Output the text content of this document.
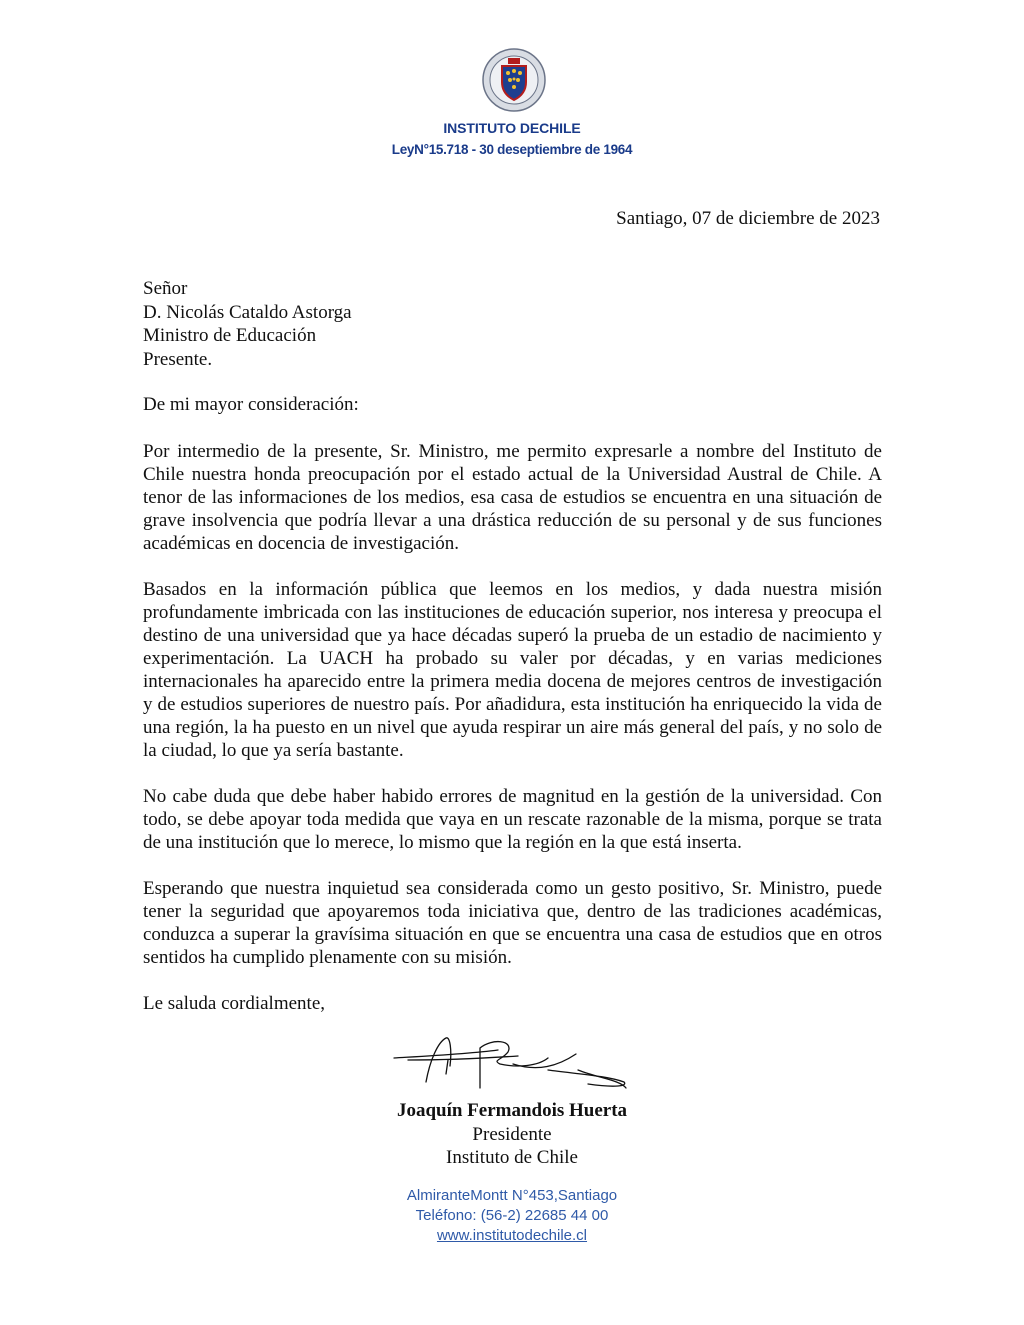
INSTITUTO DECHILE
LeyN°15.718 - 30 deseptiembre de 1964
Santiago, 07 de diciembre de 2023
Señor
D. Nicolás Cataldo Astorga
Ministro de Educación
Presente.
De mi mayor consideración:

Por intermedio de la presente, Sr. Ministro, me permito expresarle a nombre del Instituto de Chile nuestra honda preocupación por el estado actual de la Universidad Austral de Chile. A tenor de las informaciones de los medios, esa casa de estudios se encuentra en una situación de grave insolvencia que podría llevar a una drástica reducción de su personal y de sus funciones académicas en docencia de investigación.

Basados en la información pública que leemos en los medios, y dada nuestra misión profundamente imbricada con las instituciones de educación superior, nos interesa y preocupa el destino de una universidad que ya hace décadas superó la prueba de un estadio de nacimiento y experimentación. La UACH ha probado su valer por décadas, y en varias mediciones internacionales ha aparecido entre la primera media docena de mejores centros de investigación y de estudios superiores de nuestro país. Por añadidura, esta institución ha enriquecido la vida de una región, la ha puesto en un nivel que ayuda respirar un aire más general del país, y no solo de la ciudad, lo que ya sería bastante.

No cabe duda que debe haber habido errores de magnitud en la gestión de la universidad. Con todo, se debe apoyar toda medida que vaya en un rescate razonable de la misma, porque se trata de una institución que lo merece, lo mismo que la región en la que está inserta.

Esperando que nuestra inquietud sea considerada como un gesto positivo, Sr. Ministro, puede tener la seguridad que apoyaremos toda iniciativa que, dentro de las tradiciones académicas, conduzca a superar la gravísima situación en que se encuentra una casa de estudios que en otros sentidos ha cumplido plenamente con su misión.

Le saluda cordialmente,
Joaquín Fermandois Huerta
Presidente
Instituto de Chile
AlmiranteMontt N°453,Santiago
Teléfono: (56-2) 22685 44 00
www.institutodechile.cl
